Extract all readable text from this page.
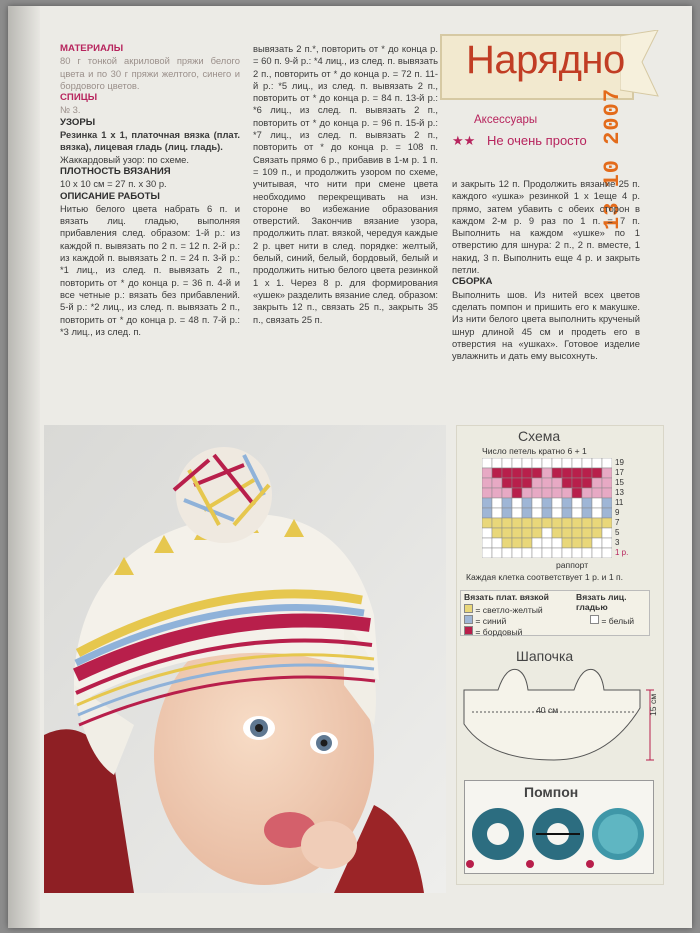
МАТЕРИАЛЫ

80 г тонкой акриловой пряжи белого цвета и по 30 г пряжи желтого, синего и бордового цветов.

СПИЦЫ

№ 3.

УЗОРЫ

Резинка 1 х 1, платочная вязка (плат. вязка), лицевая гладь (лиц. гладь).

Жаккардовый узор: по схеме.

ПЛОТНОСТЬ ВЯЗАНИЯ

10 х 10 см = 27 п. х 30 р.

ОПИСАНИЕ РАБОТЫ

Нитью белого цвета набрать 6 п. и вязать лиц. гладью, выполняя прибавления след. образом: 1-й р.: из каждой п. вывязать по 2 п. = 12 п. 2-й р.: из каждой п. вывязать 2 п. = 24 п. 3-й р.: *1 лиц., из след. п. вывязать 2 п., повторить от * до конца р. = 36 п. 4-й и все четные р.: вязать без прибавлений. 5-й р.: *2 лиц., из след. п. вывязать 2 п., повторить от * до конца р. = 48 п. 7-й р.: *3 лиц., из след. п.

вывязать 2 п.*, повторить от * до конца р. = 60 п. 9-й р.: *4 лиц., из след. п. вывязать 2 п., повторить от * до конца р. = 72 п. 11-й р.: *5 лиц., из след. п. вывязать 2 п., повторить от * до конца р. = 84 п. 13-й р.: *6 лиц., из след. п. вывязать 2 п., повторить от * до конца р. = 96 п. 15-й р.: *7 лиц., из след. п. вывязать 2 п., повторить от * до конца р. = 108 п. Связать прямо 6 р., прибавив в 1-м р. 1 п. = 109 п., и продолжить узором по схеме, учитывая, что нити при смене цвета необходимо перекрещивать на изн. стороне во избежание образования отверстий. Закончив вязание узора, продолжить плат. вязкой, чередуя каждые 2 р. цвет нити в след. порядке: желтый, белый, синий, белый, бордовый, белый и продолжить нитью белого цвета резинкой 1 х 1. Через 8 р. для формирования «ушек» разделить вязание след. образом: закрыть 12 п., связать 25 п., закрыть 35 п., связать 25 п.

Нарядно
Аксессуары
★★ Не очень просто 13 10 2007

и закрыть 12 п. Продолжить вязание 25 п. каждого «ушка» резинкой 1 х 1еще 4 р. прямо, затем убавить с обеих сторон в каждом 2-м р. 9 раз по 1 п. = 7 п. Выполнить на каждом «ушке» по 1 отверстию для шнура: 2 п., 2 п. вместе, 1 накид, 3 п. Выполнить еще 4 р. и закрыть петли.

СБОРКА

Выполнить шов. Из нитей всех цветов сделать помпон и пришить его к макушке. Из нити белого цвета выполнить крученый шнур длиной 45 см и продеть его в отверстия на «ушках». Готовое изделие увлажнить и дать ему высохнуть.

Схема
Число петель кратно 6 + 1
19
17
15
13
11
9
7
5
3
1 р.
раппорт
Каждая клетка соответствует 1 р. и 1 п.
Вязать плат. вязкой	Вязать лиц. гладью
= светло-желтый
= синий
= бордовый
= белый
Шапочка
40 см	15 см
Помпон
